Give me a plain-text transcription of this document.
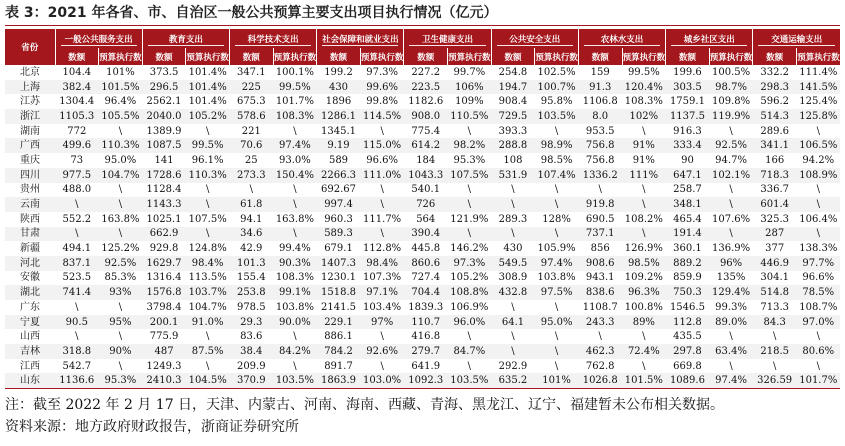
表 3：2021 年各省、市、自治区一般公共预算主要支出项目执行情况（亿元）
省份	一般公共服务支出		教育支出		科学技术支出		社会保障和就业支出		卫生健康支出		公共安全支出		农林水支出		城乡社区支出		交通运输支出	
	数额	预算执行数	数额	预算执行数	数额	预算执行数	数额	预算执行数	数额	预算执行数	数额	预算执行数	数额	预算执行数	数额	预算执行数	数额	预算执行数
北京	104.4	101%	373.5	101.4%	347.1	100.1%	199.2	97.3%	227.2	99.7%	254.8	102.5%	159	99.5%	199.6	100.5%	332.2	111.4%
上海	382.4	101.5%	296.5	101.4%	225	99.5%	430	99.6%	223.5	106%	194.7	100.7%	91.3	120.4%	303.5	98.7%	298.3	141.5%
江苏	1304.4	96.4%	2562.1	101.4%	675.3	101.7%	1896	99.8%	1182.6	109%	908.4	95.8%	1106.8	108.3%	1759.1	109.8%	596.2	125.4%
浙江	1105.3	105.5%	2040.0	105.2%	578.6	108.3%	1286.1	114.5%	908.0	110.5%	729.5	103.5%	8.0	102%	1137.5	119.9%	514.3	125.8%
湖南	772	\	1389.9	\	221	\	1345.1	\	775.4	\	393.3	\	953.5	\	916.3	\	289.6	\
广西	499.6	110.3%	1087.5	99.5%	70.6	97.4%	9.19	115.0%	614.2	98.2%	288.8	98.9%	756.8	91%	333.4	92.5%	341.1	106.5%
重庆	73	95.0%	141	96.1%	25	93.0%	589	96.6%	184	95.3%	108	98.5%	756.8	91%	90	94.7%	166	94.2%
四川	977.5	104.7%	1728.6	110.3%	273.3	150.4%	2266.3	111.0%	1043.3	107.5%	531.9	107.4%	1336.2	111%	647.1	102.1%	718.3	108.9%
贵州	488.0	\	1128.4	\	\	\	692.67	\	540.1	\	\	\	\	\	258.7	\	336.7	\
云南	\	\	1143.3	\	61.8	\	997.4	\	726	\	\	\	919.8	\	348.1	\	601.4	\
陕西	552.2	163.8%	1025.1	107.5%	94.1	163.8%	960.3	111.7%	564	121.9%	289.3	128%	690.5	108.2%	465.4	107.6%	325.3	106.4%
甘肃	\	\	662.9	\	34.6	\	589.3	\	390.4	\	\	\	737.1	\	191.4	\	287	\
新疆	494.1	125.2%	929.8	124.8%	42.9	99.4%	679.1	112.8%	445.8	146.2%	430	105.9%	856	126.9%	360.1	136.9%	377	138.3%
河北	837.1	92.5%	1629.7	98.4%	101.3	90.3%	1407.3	98.4%	860.6	97.3%	549.5	97.4%	908.6	98.5%	889.2	96%	446.9	97.7%
安徽	523.5	85.3%	1316.4	113.5%	155.4	108.3%	1230.1	107.3%	727.4	105.2%	308.9	103.8%	943.1	109.2%	859.9	135%	304.1	96.6%
湖北	741.4	93%	1576.8	103.7%	253.8	99.1%	1518.8	97.1%	704.4	108.8%	432.8	97.5%	838.6	96.3%	750.3	129.4%	514.8	78.5%
广东	\	\	3798.4	104.7%	978.5	103.8%	2141.5	103.4%	1839.3	106.9%	\	\	1108.7	100.8%	1546.5	99.3%	713.3	108.7%
宁夏	90.5	95%	200.1	91.0%	29.3	90.0%	229.1	97%	110.7	96.0%	64.1	95.0%	243.3	89%	112.8	89.0%	84.3	97.0%
山西	\	\	775.9	\	83.6	\	886.1	\	416.8	\	\	\	\	\	435.5	\	\	\
吉林	318.8	90%	487	87.5%	38.4	84.2%	784.2	92.6%	279.7	84.7%	\	\	462.3	72.4%	297.8	63.4%	218.5	80.6%
江西	542.7	\	1249.3	\	209.9	\	891.7	\	641.9	\	292.9	\	762.8	\	669.8	\	\	\
山东	1136.6	95.3%	2410.3	104.5%	370.9	103.5%	1863.9	103.0%	1092.3	103.5%	635.2	101%	1026.8	101.5%	1089.6	97.4%	326.59	101.7%
注：截至 2022 年 2 月 17 日，天津、内蒙古、河南、海南、西藏、青海、黑龙江、辽宁、福建暂未公布相关数据。
资料来源：地方政府财政报告，浙商证券研究所
